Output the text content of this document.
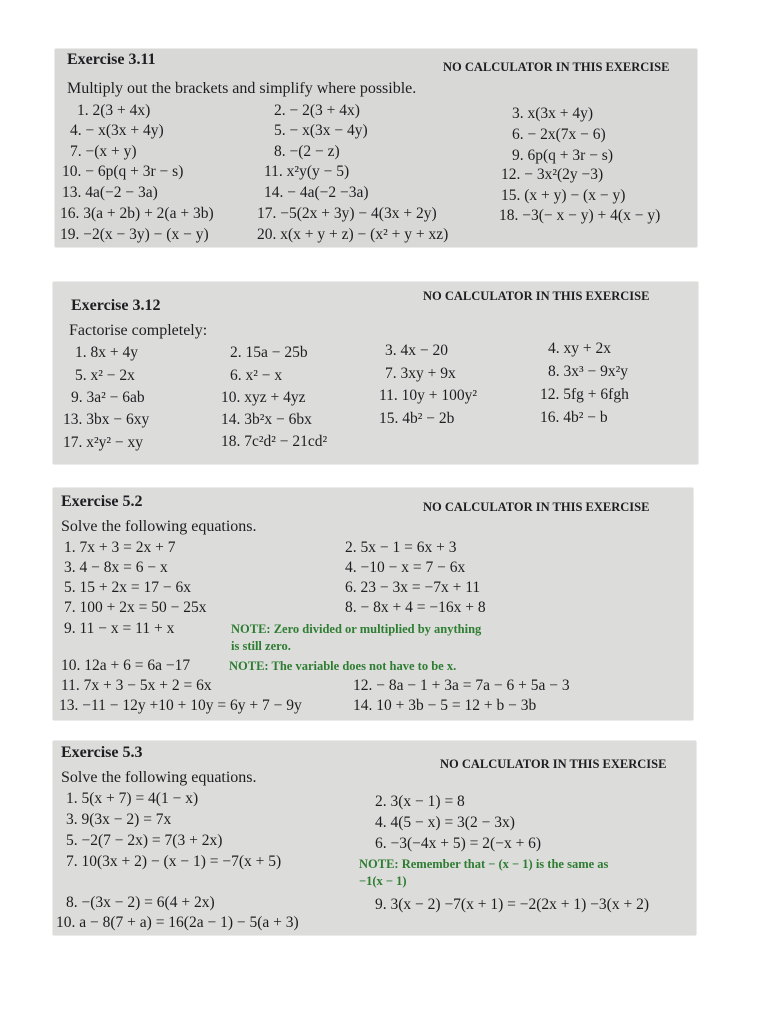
Exercise 3.11	NO CALCULATOR IN THIS EXERCISE
Multiply out the brackets and simplify where possible.
1. 2(3 + 4x)	2. − 2(3 + 4x)	3. x(3x + 4y)
4. − x(3x + 4y)	5. − x(3x − 4y)	6. − 2x(7x − 6)
7. −(x + y)	8. −(2 − z)	9. 6p(q + 3r − s)
10. − 6p(q + 3r − s)	11. x²y(y − 5)	12. − 3x²(2y −3)
13. 4a(−2 − 3a)	14. − 4a(−2 −3a)	15. (x + y) − (x − y)
16. 3(a + 2b) + 2(a + 3b)	17. −5(2x + 3y) − 4(3x + 2y)	18. −3(− x − y) + 4(x − y)
19. −2(x − 3y) − (x − y)	20. x(x + y + z) − (x² + y + xz)
Exercise 3.12
NO CALCULATOR IN THIS EXERCISE
Factorise completely:
1. 8x + 4y	2. 15a − 25b	3. 4x − 20	4. xy + 2x
5. x² − 2x	6. x² − x	7. 3xy + 9x	8. 3x³ − 9x²y
9. 3a² − 6ab	10. xyz + 4yz	11. 10y + 100y²	12. 5fg + 6fgh
13. 3bx − 6xy	14. 3b²x − 6bx	15. 4b² − 2b	16. 4b² − b
17. x²y² − xy	18. 7c²d² − 21cd²
Exercise 5.2	NO CALCULATOR IN THIS EXERCISE
Solve the following equations.
1. 7x + 3 = 2x + 7	2. 5x − 1 = 6x + 3
3. 4 − 8x = 6 − x	4. −10 − x = 7 − 6x
5. 15 + 2x = 17 − 6x	6. 23 − 3x = −7x + 11
7. 100 + 2x = 50 − 25x	8. − 8x + 4 = −16x + 8
9. 11 − x = 11 + x	NOTE: Zero divided or multiplied by anything
is still zero.
10. 12a + 6 = 6a −17	NOTE: The variable does not have to be x.
11. 7x + 3 − 5x + 2 = 6x	12. − 8a − 1 + 3a = 7a − 6 + 5a − 3
13. −11 − 12y +10 + 10y = 6y + 7 − 9y	14. 10 + 3b − 5 = 12 + b − 3b
Exercise 5.3
NO CALCULATOR IN THIS EXERCISE
Solve the following equations.
1. 5(x + 7) = 4(1 − x)	2. 3(x − 1) = 8
3. 9(3x − 2) = 7x	4. 4(5 − x) = 3(2 − 3x)
5. −2(7 − 2x) = 7(3 + 2x)	6. −3(−4x + 5) = 2(−x + 6)
7. 10(3x + 2) − (x − 1) = −7(x + 5)	NOTE: Remember that − (x − 1) is the same as
−1(x − 1)
8. −(3x − 2) = 6(4 + 2x)	9. 3(x − 2) −7(x + 1) = −2(2x + 1) −3(x + 2)
10. a − 8(7 + a) = 16(2a − 1) − 5(a + 3)
